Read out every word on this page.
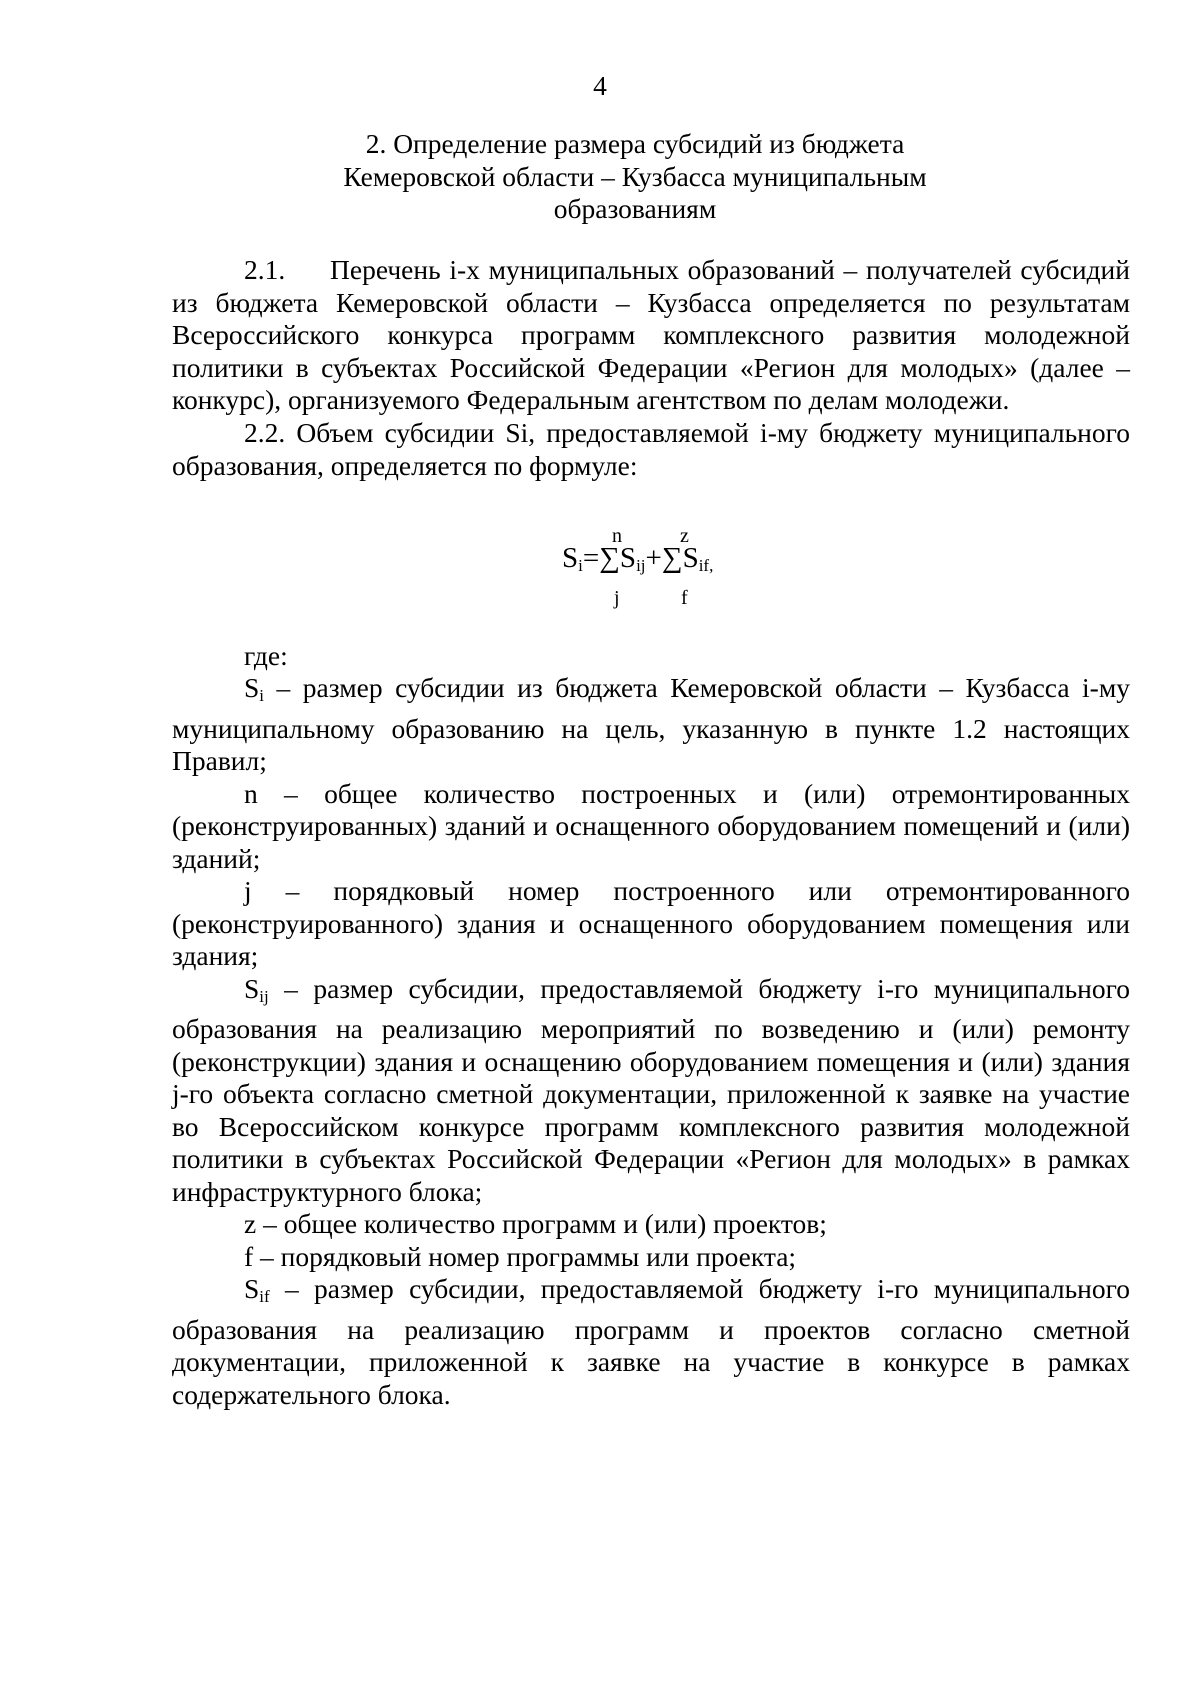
4
2. Определение размера субсидий из бюджета
Кемеровской области – Кузбасса муниципальным
образованиям

2.1. Перечень i-х муниципальных образований – получателей субсидий из бюджета Кемеровской области – Кузбасса определяется по результатам Всероссийского конкурса программ комплексного развития молодежной политики в субъектах Российской Федерации «Регион для молодых» (далее – конкурс), организуемого Федеральным агентством по делам молодежи.

2.2. Объем субсидии Si, предоставляемой i-му бюджету муниципального образования, определяется по формуле:

n	z
$S_i=\sum S_{ij}+\sum S_{if,}$
j	f

где:

$S_i$ – размер субсидии из бюджета Кемеровской области – Кузбасса i-му муниципальному образованию на цель, указанную в пункте 1.2 настоящих Правил;

n – общее количество построенных и (или) отремонтированных (реконструированных) зданий и оснащенного оборудованием помещений и (или) зданий;

j – порядковый номер построенного или отремонтированного (реконструированного) здания и оснащенного оборудованием помещения или здания;

$S_{ij}$ – размер субсидии, предоставляемой бюджету i-го муниципального образования на реализацию мероприятий по возведению и (или) ремонту (реконструкции) здания и оснащению оборудованием помещения и (или) здания j-го объекта согласно сметной документации, приложенной к заявке на участие во Всероссийском конкурсе программ комплексного развития молодежной политики в субъектах Российской Федерации «Регион для молодых» в рамках инфраструктурного блока;

z – общее количество программ и (или) проектов;

f – порядковый номер программы или проекта;

$S_{if}$ – размер субсидии, предоставляемой бюджету i-го муниципального образования на реализацию программ и проектов согласно сметной документации, приложенной к заявке на участие в конкурсе в рамках содержательного блока.
